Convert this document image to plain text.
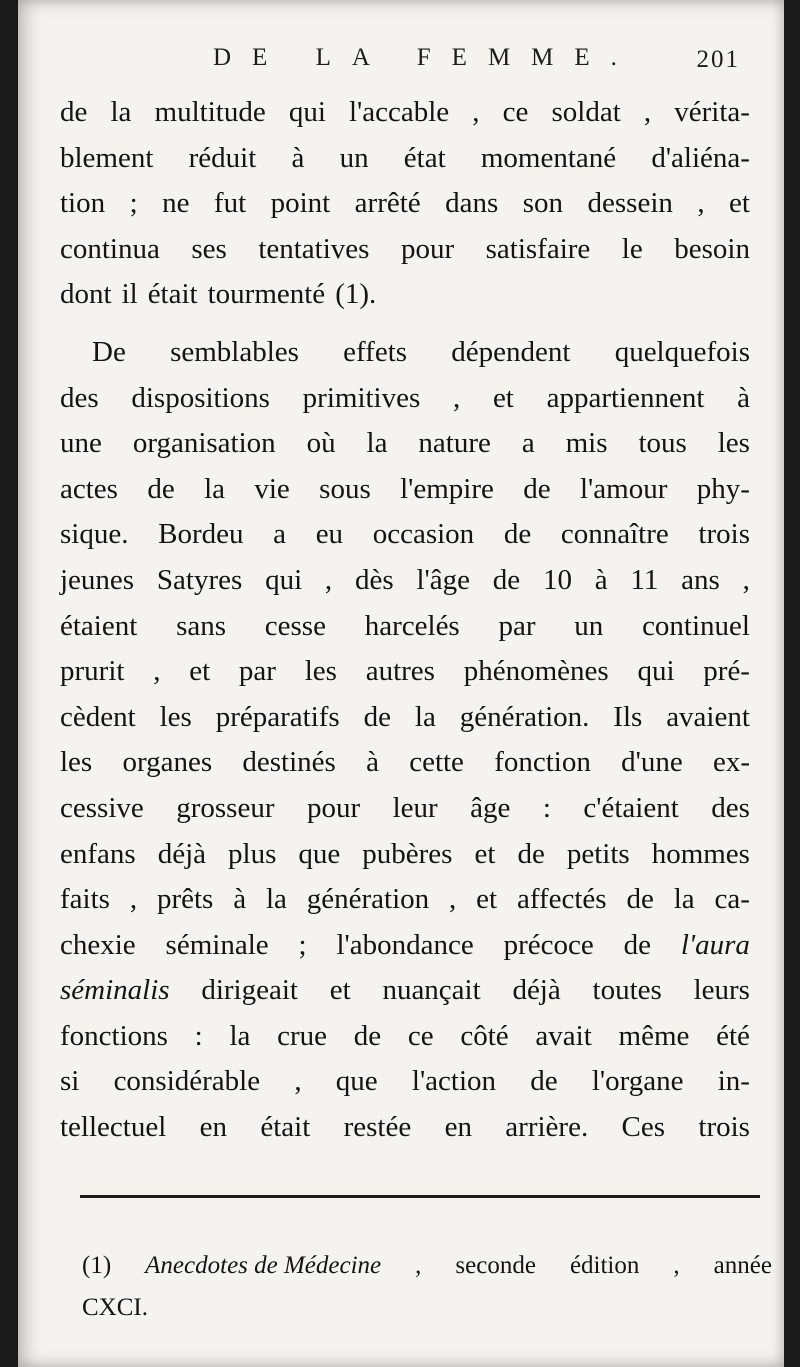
DE LA FEMME. 201
de la multitude qui l'accable , ce soldat , vérita-
blement réduit à un état momentané d'aliéna-
tion ; ne fut point arrêté dans son dessein , et
continua ses tentatives pour satisfaire le besoin
dont il était tourmenté (1).
De semblables effets dépendent quelquefois
des dispositions primitives , et appartiennent à
une organisation où la nature a mis tous les
actes de la vie sous l'empire de l'amour phy-
sique. Bordeu a eu occasion de connaître trois
jeunes Satyres qui , dès l'âge de 10 à 11 ans ,
étaient sans cesse harcelés par un continuel
prurit , et par les autres phénomènes qui pré-
cèdent les préparatifs de la génération. Ils avaient
les organes destinés à cette fonction d'une ex-
cessive grosseur pour leur âge : c'étaient des
enfans déjà plus que pubères et de petits hommes
faits , prêts à la génération , et affectés de la ca-
chexie séminale ; l'abondance précoce de l'aura
séminalis dirigeait et nuançait déjà toutes leurs
fonctions : la crue de ce côté avait même été
si considérable , que l'action de l'organe in-
tellectuel en était restée en arrière. Ces trois
(1) Anecdotes de Médecine , seconde édition , année
CXCI.
